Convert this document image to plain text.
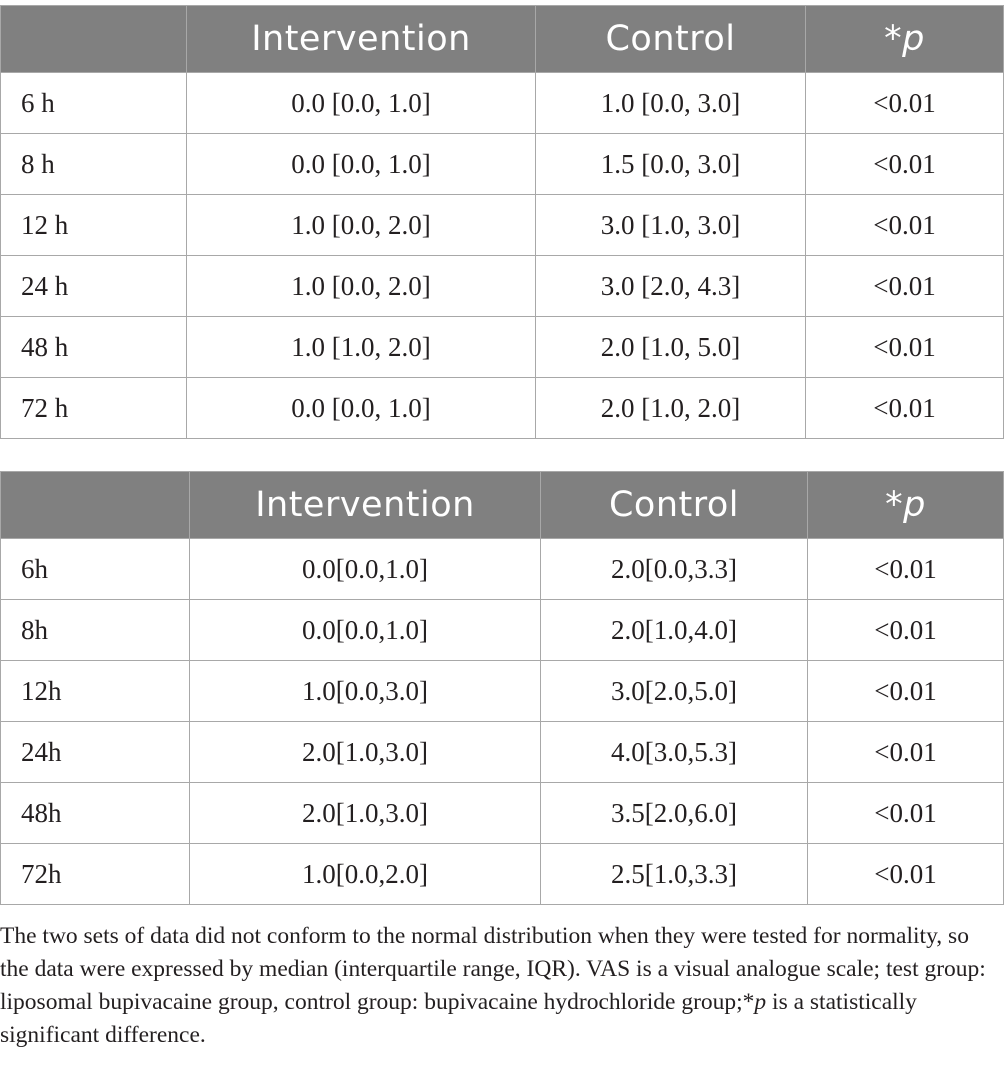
	Intervention	Control	*p
6 h	0.0 [0.0, 1.0]	1.0 [0.0, 3.0]	<0.01
8 h	0.0 [0.0, 1.0]	1.5 [0.0, 3.0]	<0.01
12 h	1.0 [0.0, 2.0]	3.0 [1.0, 3.0]	<0.01
24 h	1.0 [0.0, 2.0]	3.0 [2.0, 4.3]	<0.01
48 h	1.0 [1.0, 2.0]	2.0 [1.0, 5.0]	<0.01
72 h	0.0 [0.0, 1.0]	2.0 [1.0, 2.0]	<0.01
	Intervention	Control	*p
6h	0.0[0.0,1.0]	2.0[0.0,3.3]	<0.01
8h	0.0[0.0,1.0]	2.0[1.0,4.0]	<0.01
12h	1.0[0.0,3.0]	3.0[2.0,5.0]	<0.01
24h	2.0[1.0,3.0]	4.0[3.0,5.3]	<0.01
48h	2.0[1.0,3.0]	3.5[2.0,6.0]	<0.01
72h	1.0[0.0,2.0]	2.5[1.0,3.3]	<0.01

The two sets of data did not conform to the normal distribution when they were tested for normality, so the data were expressed by median (interquartile range, IQR). VAS is a visual analogue scale; test group: liposomal bupivacaine group, control group: bupivacaine hydrochloride group;*p is a statistically significant difference.
